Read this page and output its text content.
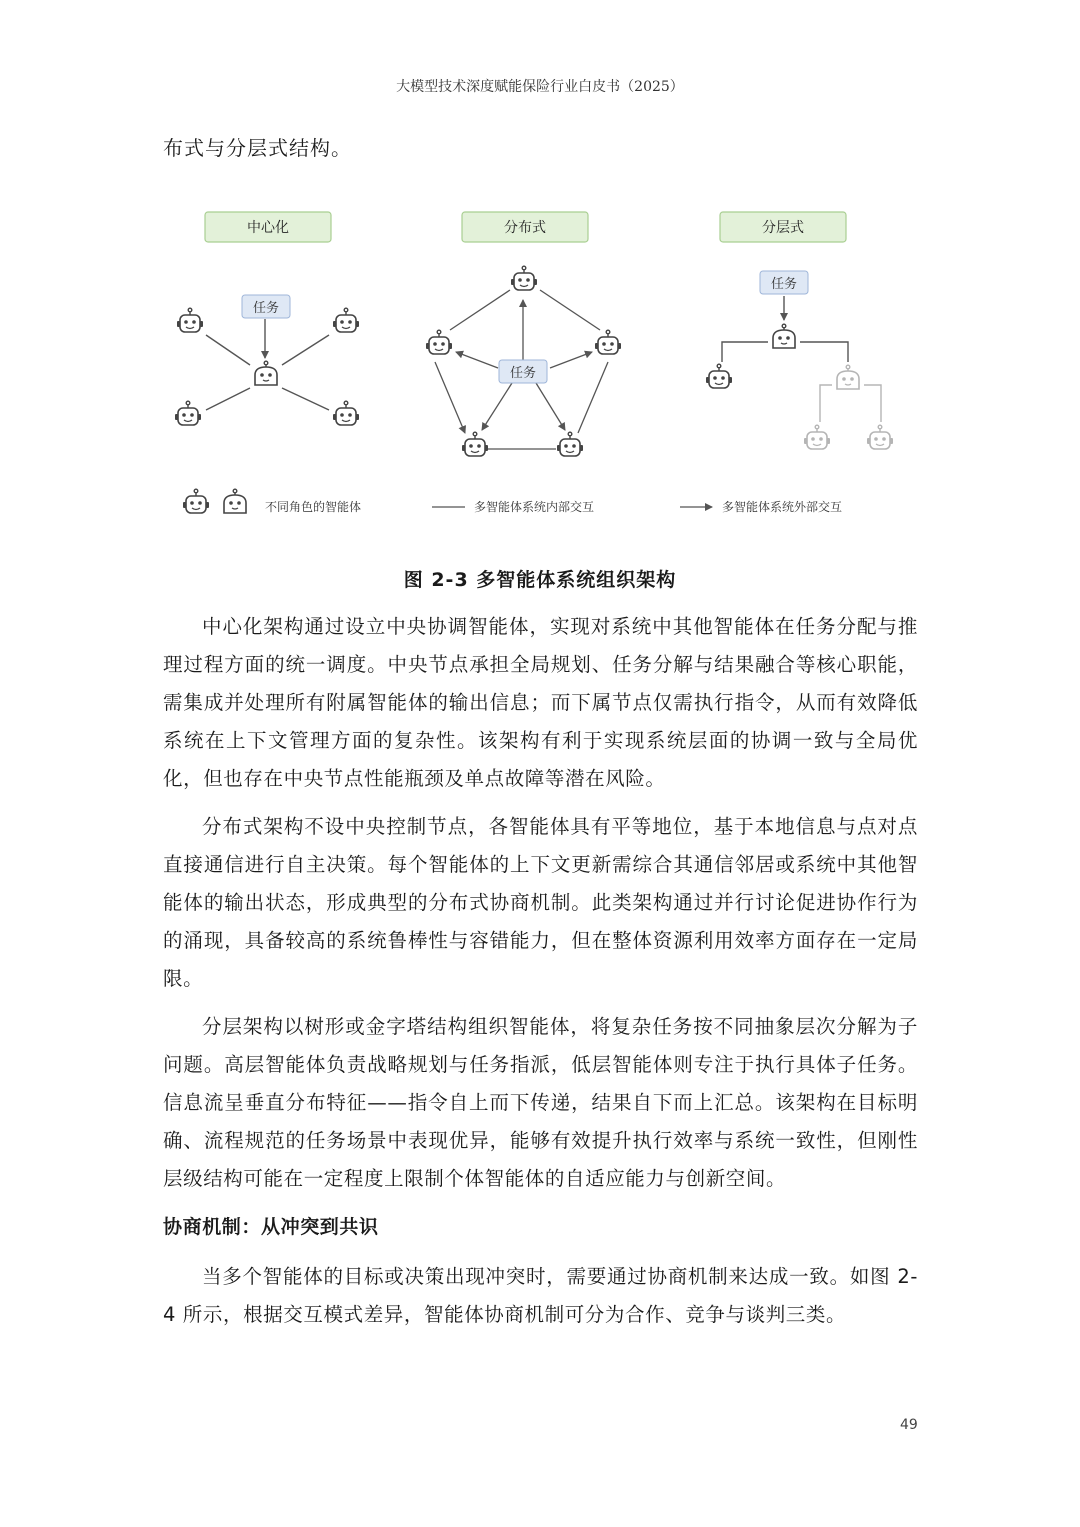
大模型技术深度赋能保险行业白皮书（2025）
布式与分层式结构。
中心化	分布式	分层式
任务
任务
任务
不同角色的智能体	多智能体系统内部交互	多智能体系统外部交互
图 2-3 多智能体系统组织架构

中心化架构通过设立中央协调智能体，实现对系统中其他智能体在任务分配与推理过程方面的统一调度。中央节点承担全局规划、任务分解与结果融合等核心职能，需集成并处理所有附属智能体的输出信息；而下属节点仅需执行指令，从而有效降低系统在上下文管理方面的复杂性。该架构有利于实现系统层面的协调一致与全局优化，但也存在中央节点性能瓶颈及单点故障等潜在风险。

分布式架构不设中央控制节点，各智能体具有平等地位，基于本地信息与点对点直接通信进行自主决策。每个智能体的上下文更新需综合其通信邻居或系统中其他智能体的输出状态，形成典型的分布式协商机制。此类架构通过并行讨论促进协作行为的涌现，具备较高的系统鲁棒性与容错能力，但在整体资源利用效率方面存在一定局限。

分层架构以树形或金字塔结构组织智能体，将复杂任务按不同抽象层次分解为子问题。高层智能体负责战略规划与任务指派，低层智能体则专注于执行具体子任务。信息流呈垂直分布特征——指令自上而下传递，结果自下而上汇总。该架构在目标明确、流程规范的任务场景中表现优异，能够有效提升执行效率与系统一致性，但刚性层级结构可能在一定程度上限制个体智能体的自适应能力与创新空间。

协商机制：从冲突到共识

当多个智能体的目标或决策出现冲突时，需要通过协商机制来达成一致。如图 2-4 所示，根据交互模式差异，智能体协商机制可分为合作、竞争与谈判三类。

49
